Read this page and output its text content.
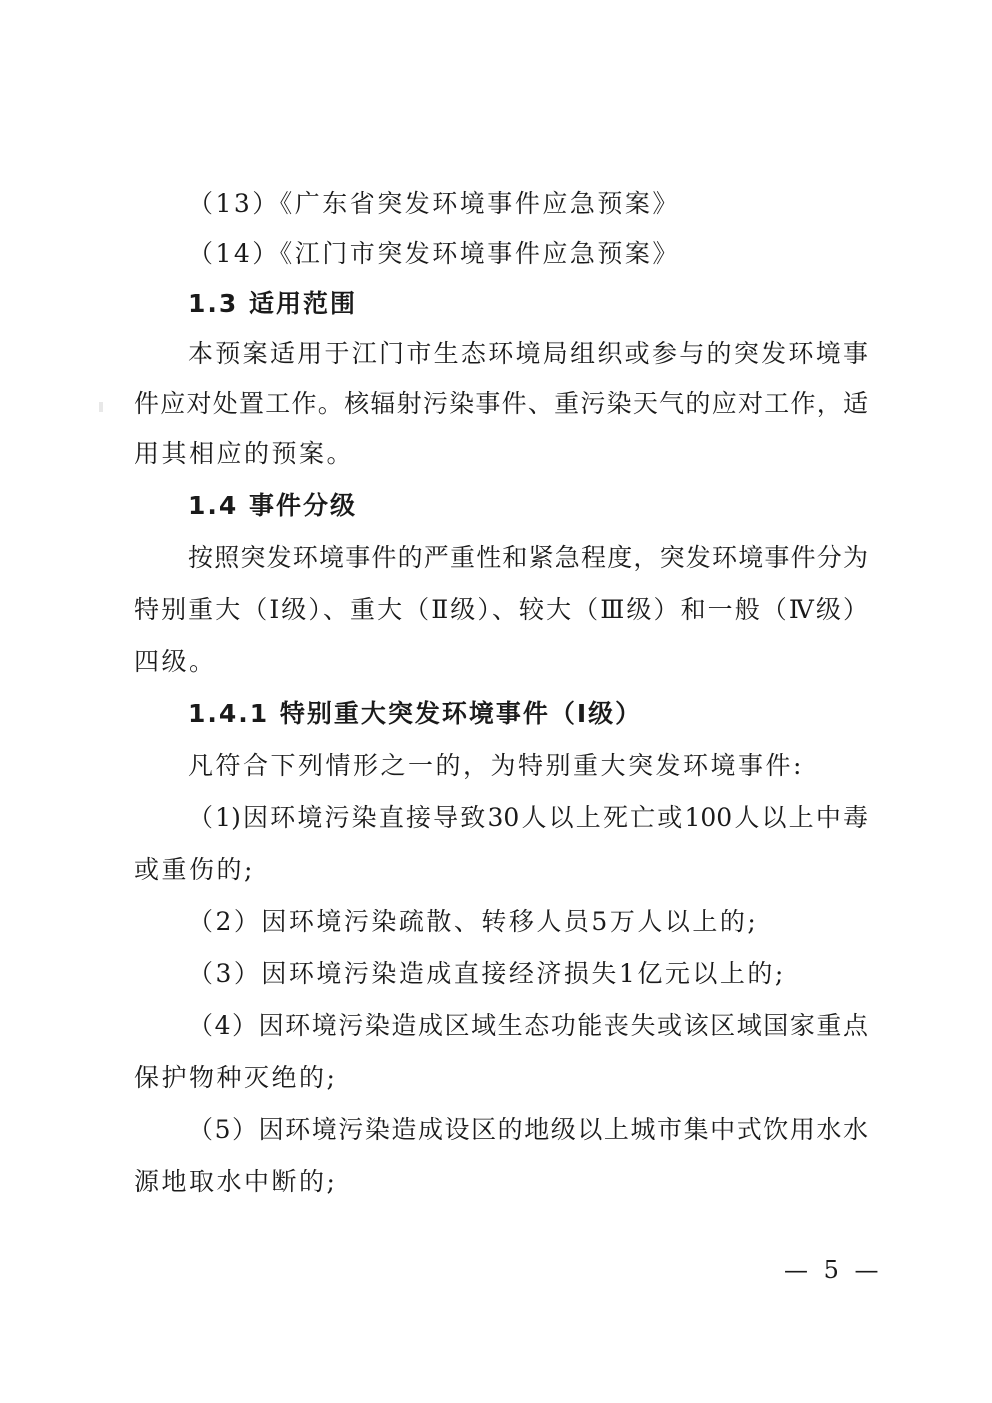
（13）《广东省突发环境事件应急预案》
（14）《江门市突发环境事件应急预案》
1.3 适用范围
本预案适用于江门市生态环境局组织或参与的突发环境事
件应对处置工作。核辐射污染事件、重污染天气的应对工作，适
用其相应的预案。
1.4 事件分级
按照突发环境事件的严重性和紧急程度，突发环境事件分为
特别重大（Ⅰ级）、重大（Ⅱ级）、较大（Ⅲ级）和一般（Ⅳ级）
四级。
1.4.1 特别重大突发环境事件（Ⅰ级）
凡符合下列情形之一的，为特别重大突发环境事件:
（1)因环境污染直接导致30人以上死亡或100人以上中毒
或重伤的;
（2）因环境污染疏散、转移人员5万人以上的;
（3）因环境污染造成直接经济损失1亿元以上的;
（4）因环境污染造成区域生态功能丧失或该区域国家重点
保护物种灭绝的;
（5）因环境污染造成设区的地级以上城市集中式饮用水水
源地取水中断的;
— 5 —
